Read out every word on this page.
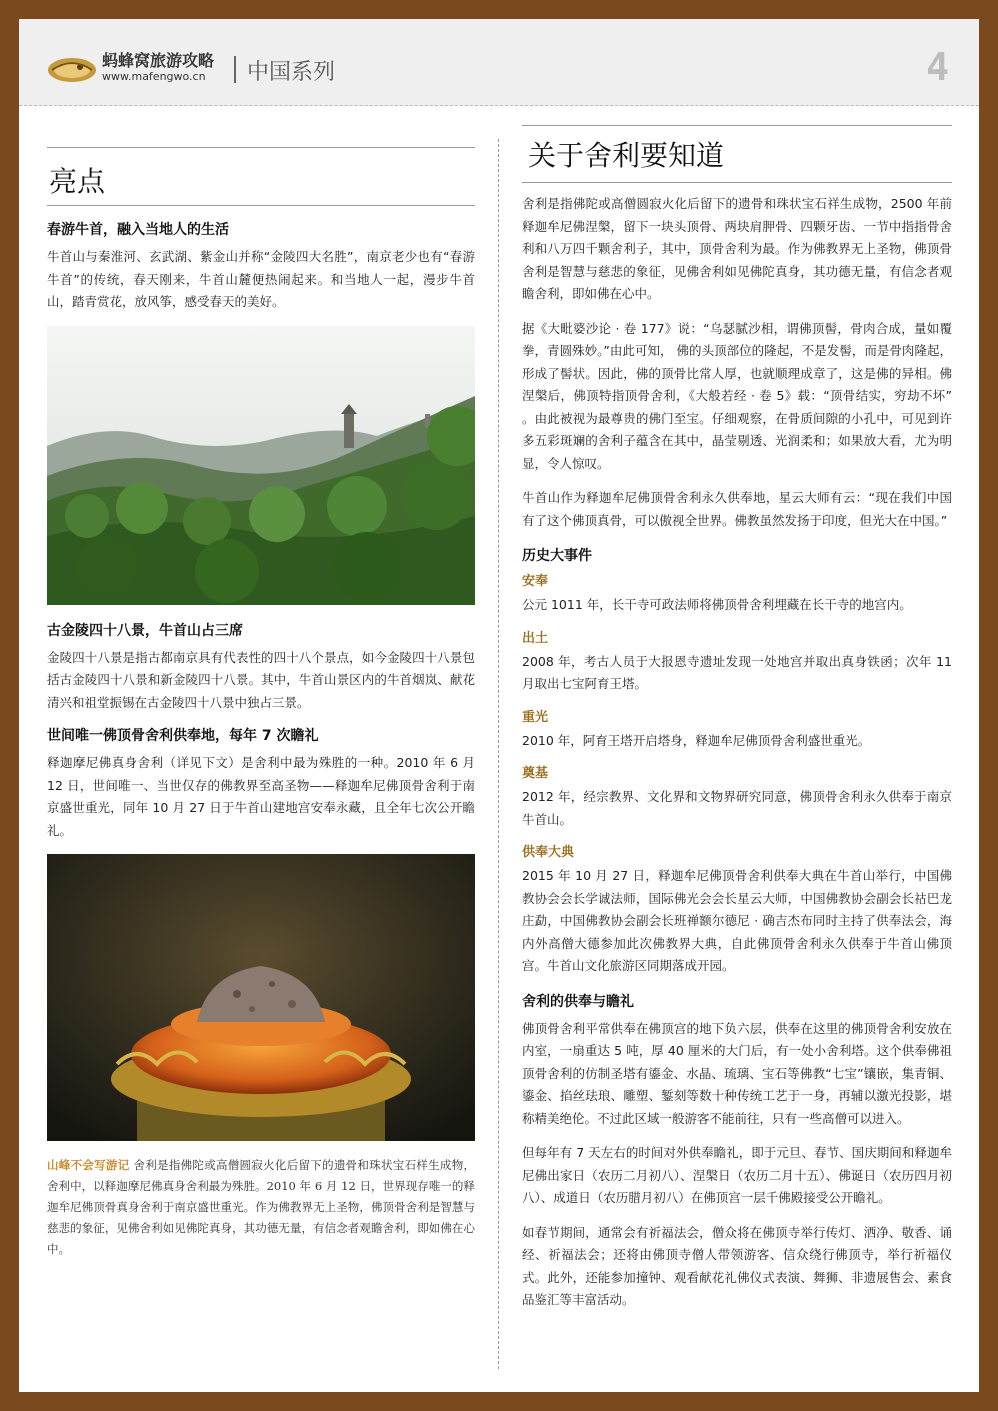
蚂蜂窝旅游攻略
www.mafengwo.cn	中国系列	4
亮点
春游牛首，融入当地人的生活
牛首山与秦淮河、玄武湖、紫金山并称“金陵四大名胜”，南京老少也有“春游牛首”的传统，春天刚来，牛首山麓便热闹起来。和当地人一起，漫步牛首山，踏青赏花，放风筝，感受春天的美好。
古金陵四十八景，牛首山占三席
金陵四十八景是指古都南京具有代表性的四十八个景点，如今金陵四十八景包括古金陵四十八景和新金陵四十八景。其中，牛首山景区内的牛首烟岚、献花清兴和祖堂振锡在古金陵四十八景中独占三景。
世间唯一佛顶骨舍利供奉地，每年 7 次瞻礼
释迦摩尼佛真身舍利（详见下文）是舍利中最为殊胜的一种。2010 年 6 月 12 日，世间唯一、当世仅存的佛教界至高圣物——释迦牟尼佛顶骨舍利于南京盛世重光，同年 10 月 27 日于牛首山建地宫安奉永藏，且全年七次公开瞻礼。
山峰不会写游记 舍利是指佛陀或高僧圆寂火化后留下的遗骨和珠状宝石样生成物，舍利中，以释迦摩尼佛真身舍利最为殊胜。2010 年 6 月 12 日，世界现存唯一的释迦牟尼佛顶骨真身舍利于南京盛世重光。作为佛教界无上圣物，佛顶骨舍利是智慧与慈悲的象征，见佛舍利如见佛陀真身，其功德无量，有信念者观瞻舍利，即如佛在心中。
关于舍利要知道
舍利是指佛陀或高僧圆寂火化后留下的遗骨和珠状宝石祥生成物，2500 年前释迦牟尼佛涅槃，留下一块头顶骨、两块肩胛骨、四颗牙齿、一节中指指骨舍利和八万四千颗舍利子，其中，顶骨舍利为最。作为佛教界无上圣物，佛顶骨舍利是智慧与慈悲的象征，见佛舍利如见佛陀真身，其功德无量，有信念者观瞻舍利，即如佛在心中。
据《大毗婆沙论 · 卷 177》说：“乌瑟腻沙相，谓佛顶髻，骨肉合成，量如覆拳，青圆殊妙。”由此可知， 佛的头顶部位的隆起，不是发髻，而是骨肉隆起，形成了髻状。因此，佛的顶骨比常人厚，也就顺理成章了，这是佛的异相。佛涅槃后，佛顶特指顶骨舍利，《大般若经 · 卷 5》载：“顶骨结实，穷劫不坏” 。由此被视为最尊贵的佛门至宝。仔细观察，在骨质间隙的小孔中，可见到许多五彩斑斓的舍利子蕴含在其中，晶莹剔透、光润柔和；如果放大看，尤为明显，令人惊叹。
牛首山作为释迦牟尼佛顶骨舍利永久供奉地，星云大师有云：“现在我们中国有了这个佛顶真骨，可以傲视全世界。佛教虽然发扬于印度，但光大在中国。”
历史大事件
安奉
公元 1011 年，长干寺可政法师将佛顶骨舍利埋藏在长干寺的地宫内。
出土
2008 年，考古人员于大报恩寺遗址发现一处地宫并取出真身铁函；次年 11 月取出七宝阿育王塔。
重光
2010 年，阿育王塔开启塔身，释迦牟尼佛顶骨舍利盛世重光。
奠基
2012 年，经宗教界、文化界和文物界研究同意，佛顶骨舍利永久供奉于南京牛首山。
供奉大典
2015 年 10 月 27 日，释迦牟尼佛顶骨舍利供奉大典在牛首山举行，中国佛教协会会长学诚法师，国际佛光会会长星云大师，中国佛教协会副会长祜巴龙庄勐，中国佛教协会副会长班禅额尔德尼 · 确吉杰布同时主持了供奉法会，海内外高僧大德参加此次佛教界大典，自此佛顶骨舍利永久供奉于牛首山佛顶宫。牛首山文化旅游区同期落成开园。
舍利的供奉与瞻礼
佛顶骨舍利平常供奉在佛顶宫的地下负六层，供奉在这里的佛顶骨舍利安放在内室，一扇重达 5 吨，厚 40 厘米的大门后，有一处小舍利塔。这个供奉佛祖顶骨舍利的仿制圣塔有鎏金、水晶、琉璃、宝石等佛教“七宝”镶嵌，集青铜、鎏金、掐丝珐琅、雕塑、錾刻等数十种传统工艺于一身，再辅以激光投影，堪称精美绝伦。不过此区域一般游客不能前往，只有一些高僧可以进入。
但每年有 7 天左右的时间对外供奉瞻礼，即于元旦、春节、国庆期间和释迦牟尼佛出家日（农历二月初八）、涅槃日（农历二月十五）、佛诞日（农历四月初八）、成道日（农历腊月初八）在佛顶宫一层千佛殿接受公开瞻礼。
如春节期间，通常会有祈福法会，僧众将在佛顶寺举行传灯、洒净、敬香、诵经、祈福法会；还将由佛顶寺僧人带领游客、信众绕行佛顶寺，举行祈福仪式。此外，还能参加撞钟、观看献花礼佛仪式表演、舞狮、非遗展售会、素食品鉴汇等丰富活动。
